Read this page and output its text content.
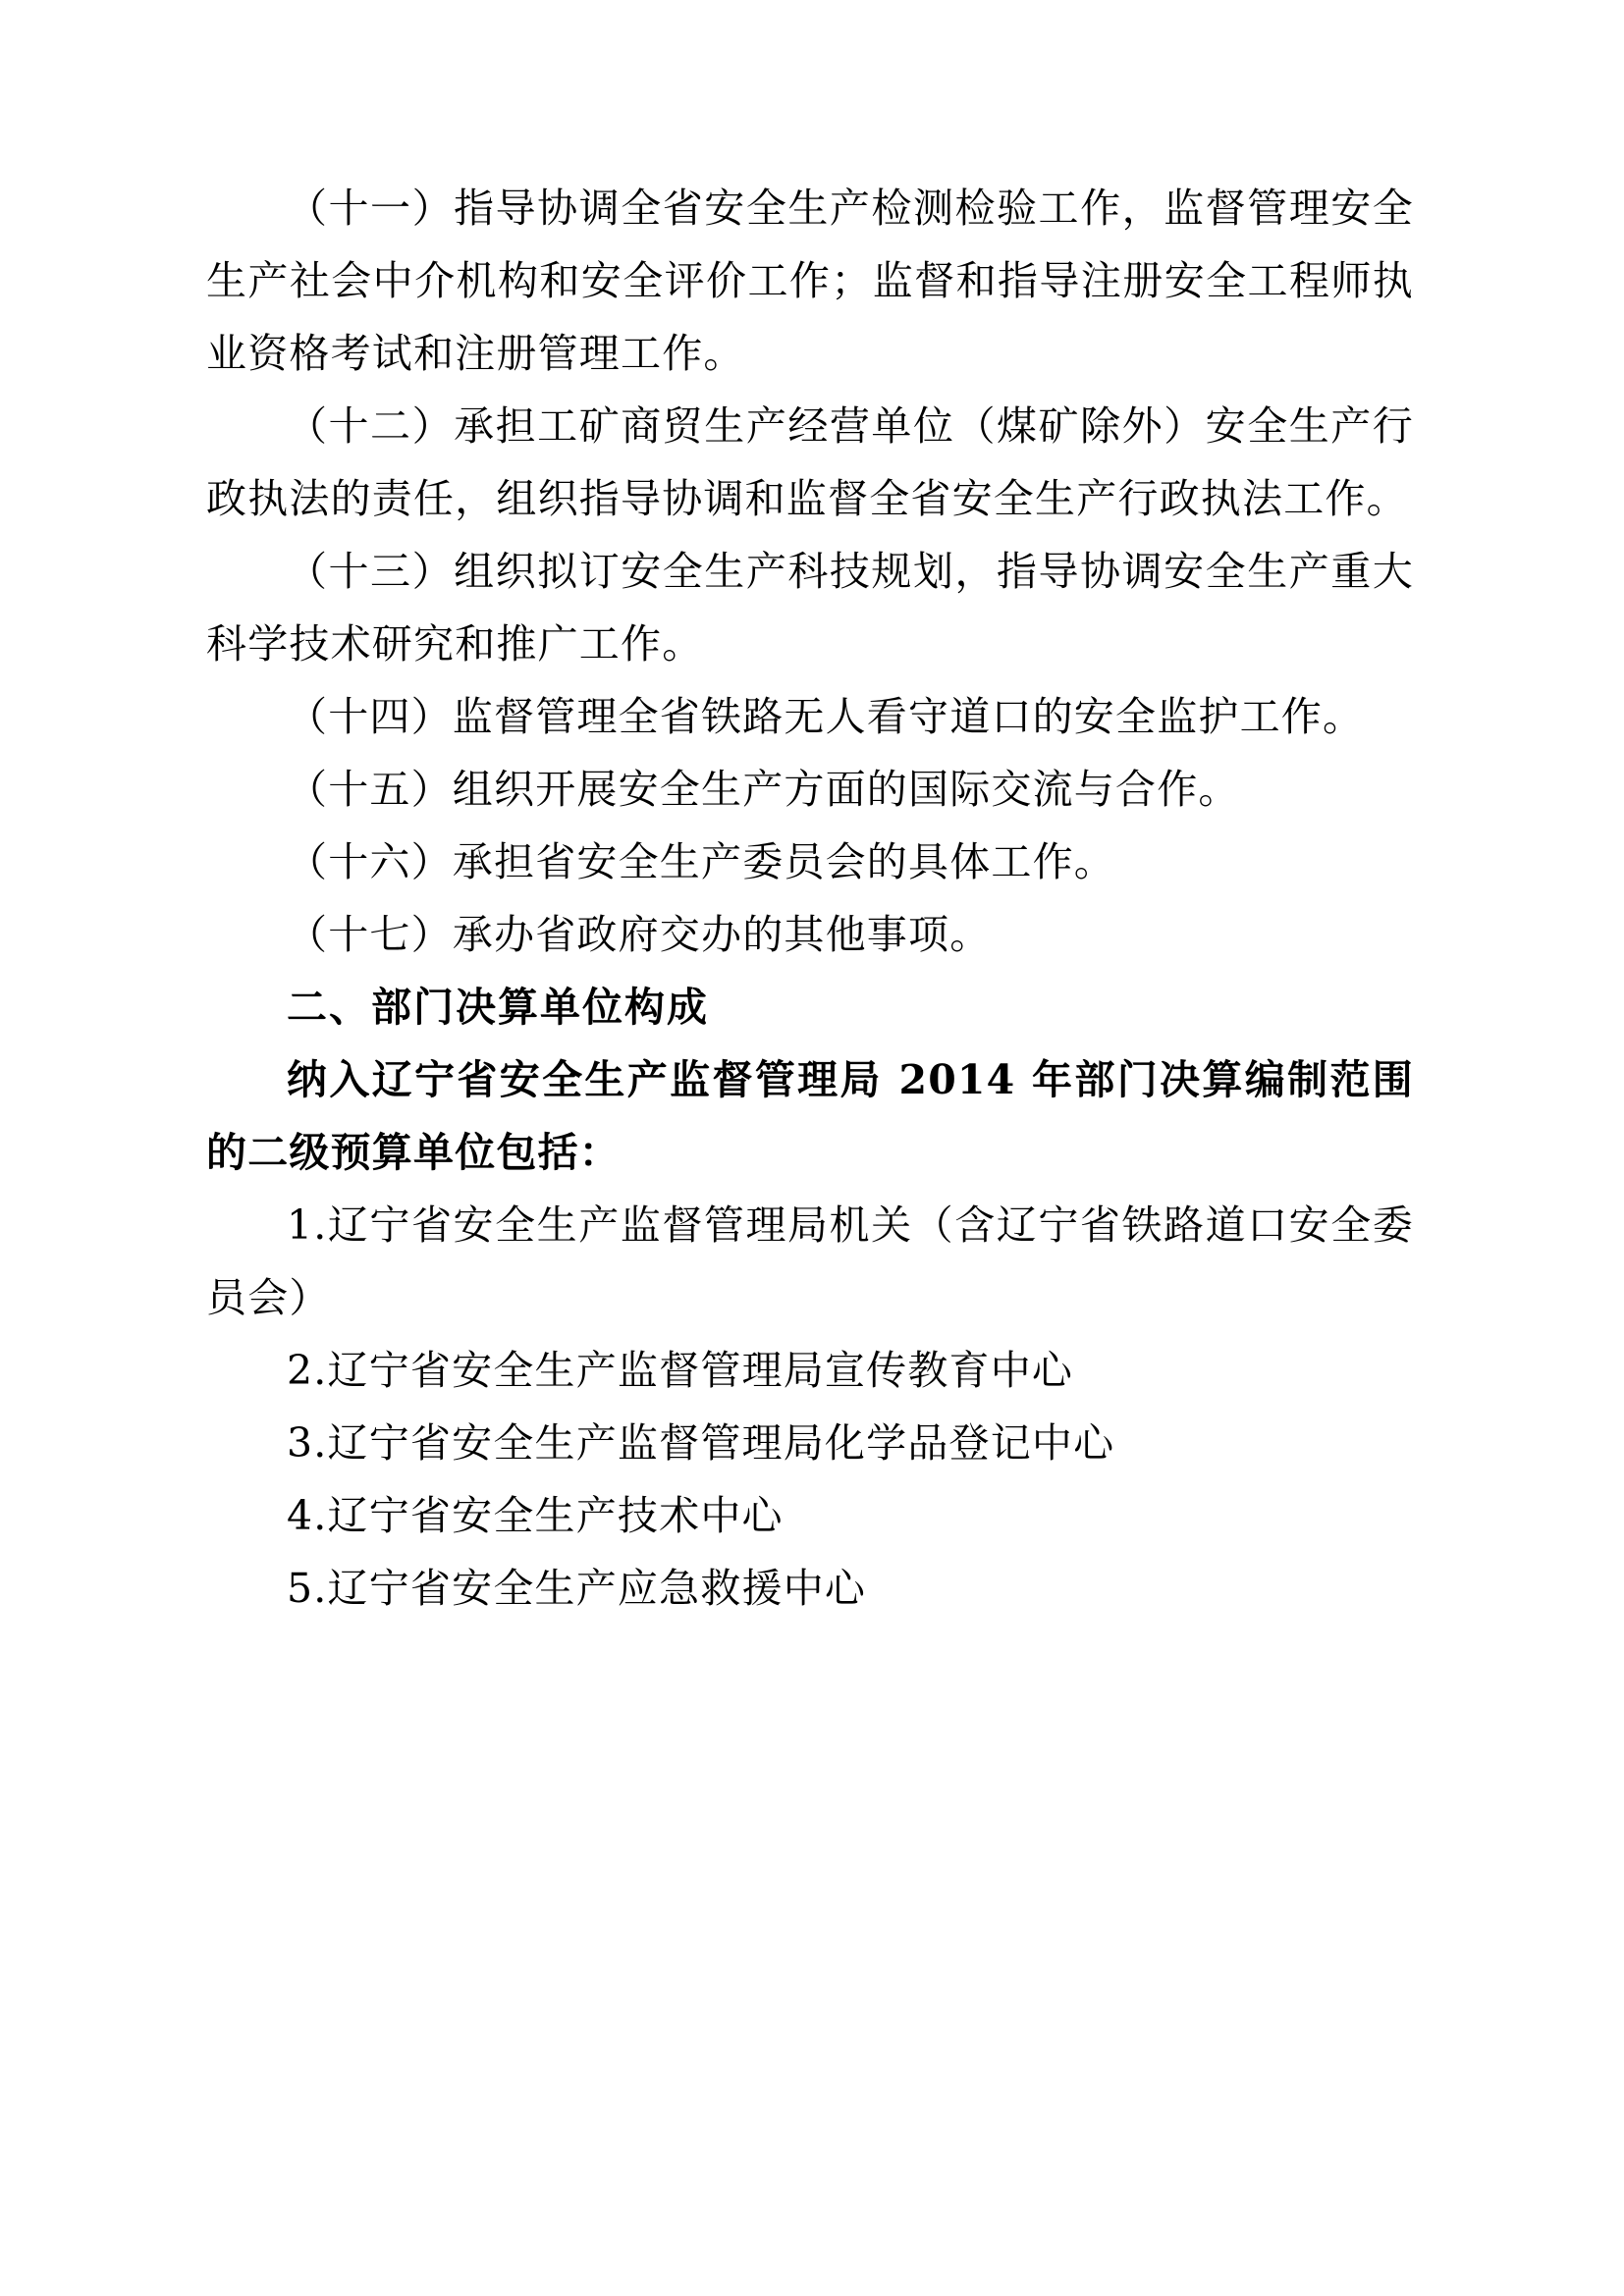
（十一）指导协调全省安全生产检测检验工作，监督管理安全生产社会中介机构和安全评价工作；监督和指导注册安全工程师执业资格考试和注册管理工作。

（十二）承担工矿商贸生产经营单位（煤矿除外）安全生产行政执法的责任，组织指导协调和监督全省安全生产行政执法工作。

（十三）组织拟订安全生产科技规划，指导协调安全生产重大科学技术研究和推广工作。

（十四）监督管理全省铁路无人看守道口的安全监护工作。

（十五）组织开展安全生产方面的国际交流与合作。

（十六）承担省安全生产委员会的具体工作。

（十七）承办省政府交办的其他事项。

二、部门决算单位构成

纳入辽宁省安全生产监督管理局 2014 年部门决算编制范围的二级预算单位包括：

1.辽宁省安全生产监督管理局机关（含辽宁省铁路道口安全委员会）

2.辽宁省安全生产监督管理局宣传教育中心

3.辽宁省安全生产监督管理局化学品登记中心

4.辽宁省安全生产技术中心

5.辽宁省安全生产应急救援中心
